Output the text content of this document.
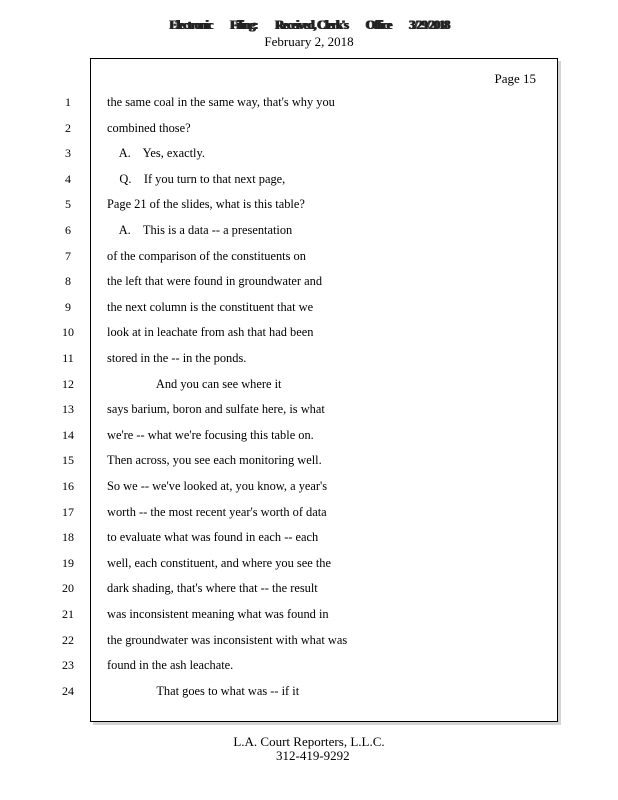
Electronic Filing: Received, Clerk's Office 3/29/2018
February 2, 2018
Page 15
1	the same coal in the same way, that's why you
2	combined those?
3	A.    Yes, exactly.
4	Q.    If you turn to that next page,
5	Page 21 of the slides, what is this table?
6	A.    This is a data -- a presentation
7	of the comparison of the constituents on
8	the left that were found in groundwater and
9	the next column is the constituent that we
10	look at in leachate from ash that had been
11	stored in the -- in the ponds.
12	And you can see where it
13	says barium, boron and sulfate here, is what
14	we're -- what we're focusing this table on.
15	Then across, you see each monitoring well.
16	So we -- we've looked at, you know, a year's
17	worth -- the most recent year's worth of data
18	to evaluate what was found in each -- each
19	well, each constituent, and where you see the
20	dark shading, that's where that -- the result
21	was inconsistent meaning what was found in
22	the groundwater was inconsistent with what was
23	found in the ash leachate.
24	That goes to what was -- if it
L.A. Court Reporters, L.L.C.
312-419-9292
